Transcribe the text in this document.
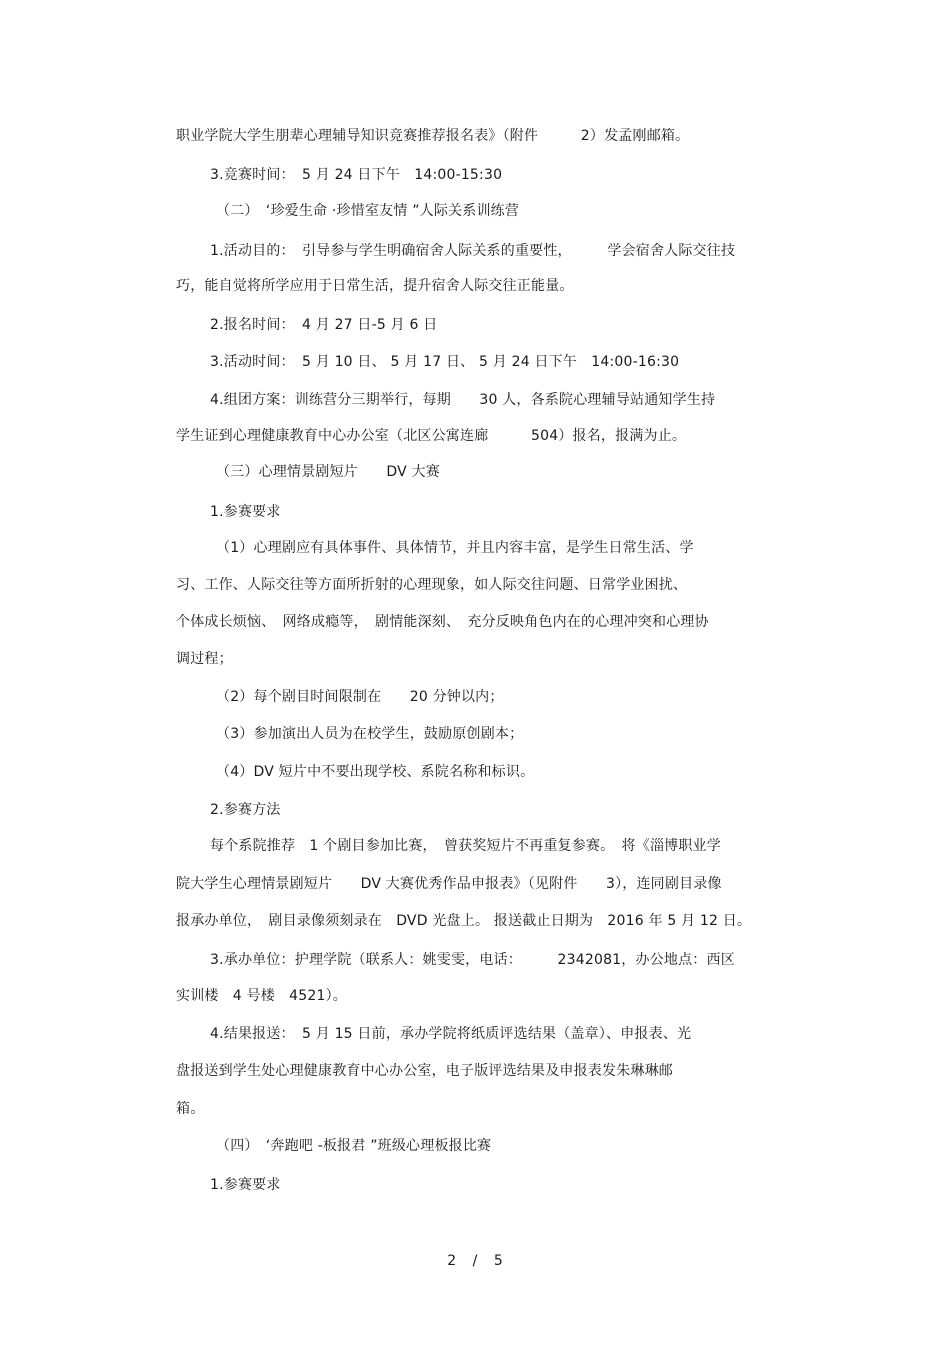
职业学院大学生朋辈心理辅导知识竞赛推荐报名表》（附件　　　2）发孟刚邮箱。
3.竞赛时间：　5 月 24 日下午　14:00-15:30
（二）　‘珍爱生命 ·珍惜室友情 ”人际关系训练营
1.活动目的：　引导参与学生明确宿舍人际关系的重要性，　　　学会宿舍人际交往技
巧，能自觉将所学应用于日常生活，提升宿舍人际交往正能量。
2.报名时间：　4 月 27 日-5 月 6 日
3.活动时间：　5 月 10 日、 5 月 17 日、 5 月 24 日下午　14:00-16:30
4.组团方案：训练营分三期举行，每期　　30 人，各系院心理辅导站通知学生持
学生证到心理健康教育中心办公室（北区公寓连廊　　　504）报名，报满为止。
（三）心理情景剧短片　　DV 大赛
1.参赛要求
（1）心理剧应有具体事件、具体情节，并且内容丰富，是学生日常生活、学
习、工作、人际交往等方面所折射的心理现象，如人际交往问题、日常学业困扰、
个体成长烦恼、　网络成瘾等，　剧情能深刻、　充分反映角色内在的心理冲突和心理协
调过程；
（2）每个剧目时间限制在　　20 分钟以内；
（3）参加演出人员为在校学生，鼓励原创剧本；
（4）DV 短片中不要出现学校、系院名称和标识。
2.参赛方法
每个系院推荐　1 个剧目参加比赛，　曾获奖短片不再重复参赛。　将《淄博职业学
院大学生心理情景剧短片　　DV 大赛优秀作品申报表》（见附件　　3），连同剧目录像
报承办单位，　剧目录像须刻录在　DVD 光盘上。 报送截止日期为　2016 年 5 月 12 日。
3.承办单位：护理学院（联系人：姚雯雯，电话：　　　2342081，办公地点：西区
实训楼　4 号楼　4521）。
4.结果报送：　5 月 15 日前，承办学院将纸质评选结果（盖章）、申报表、光
盘报送到学生处心理健康教育中心办公室，电子版评选结果及申报表发朱琳琳邮
箱。
（四）　‘奔跑吧 -板报君 ”班级心理板报比赛
1.参赛要求
2 / 5
